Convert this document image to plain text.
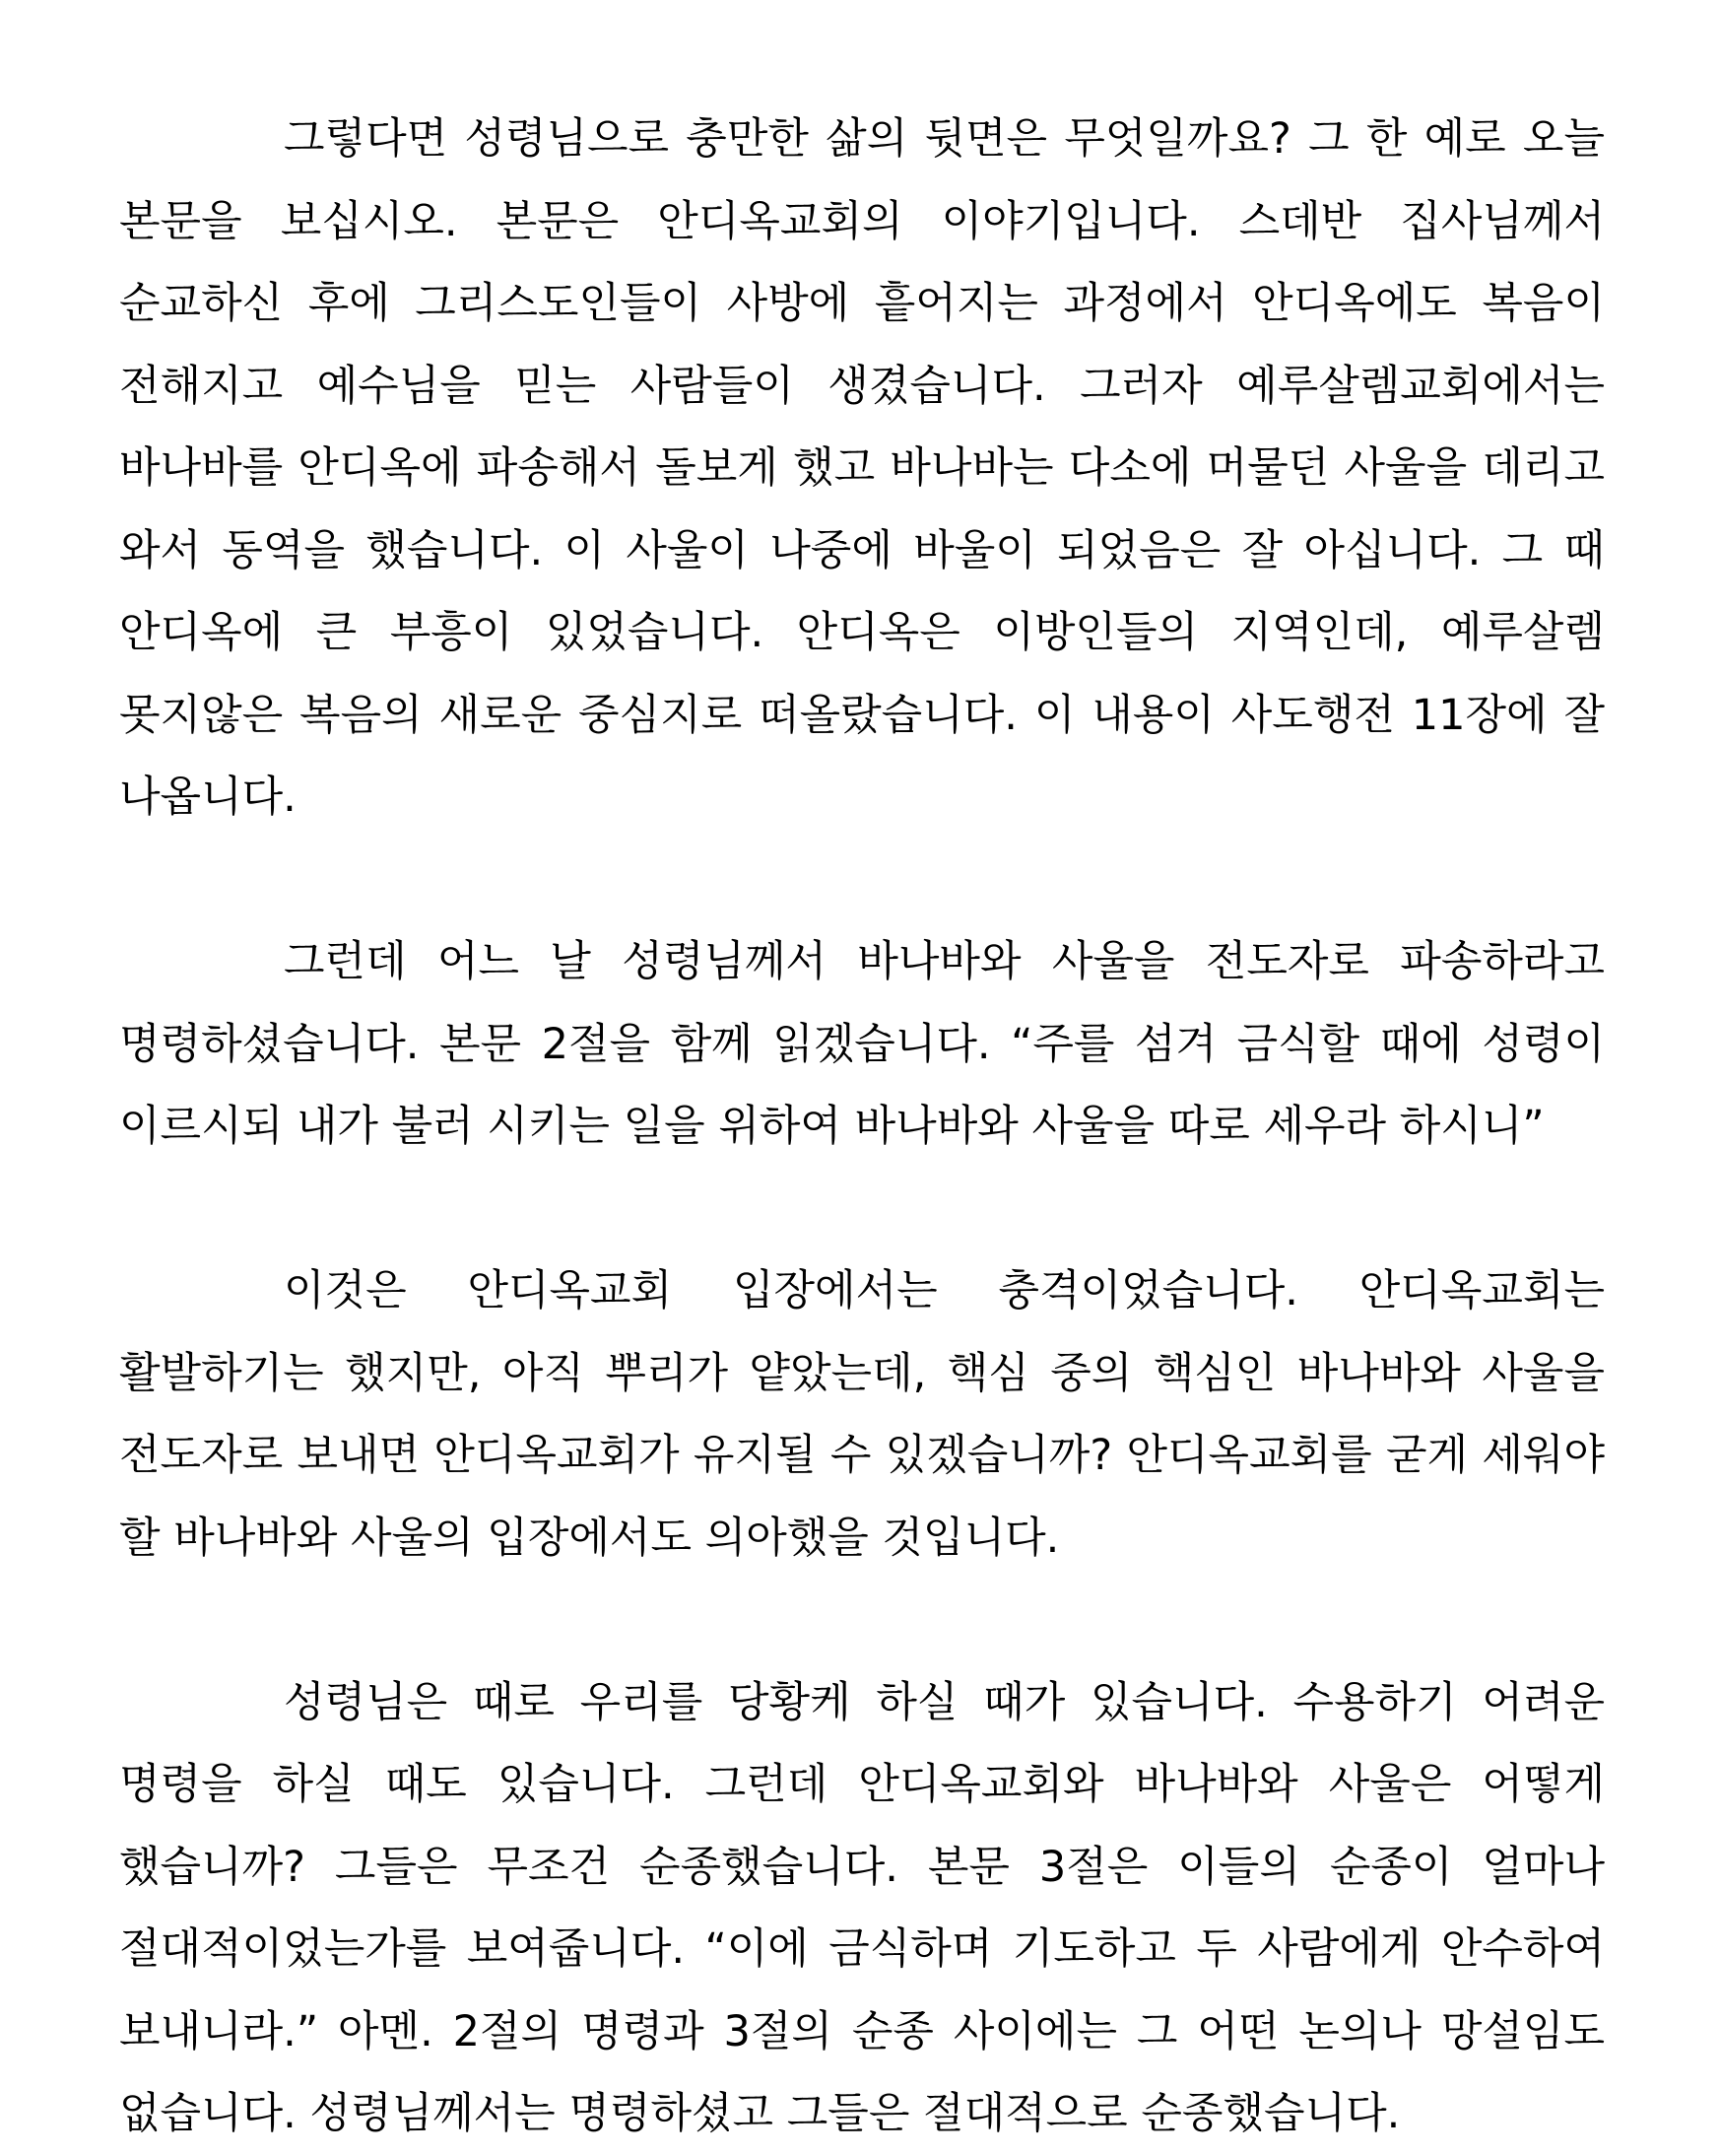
그렇다면 성령님으로 충만한 삶의 뒷면은 무엇일까요? 그 한 예로 오늘 본문을 보십시오. 본문은 안디옥교회의 이야기입니다. 스데반 집사님께서 순교하신 후에 그리스도인들이 사방에 흩어지는 과정에서 안디옥에도 복음이 전해지고 예수님을 믿는 사람들이 생겼습니다. 그러자 예루살렘교회에서는 바나바를 안디옥에 파송해서 돌보게 했고 바나바는 다소에 머물던 사울을 데리고 와서 동역을 했습니다. 이 사울이 나중에 바울이 되었음은 잘 아십니다. 그 때 안디옥에 큰 부흥이 있었습니다. 안디옥은 이방인들의 지역인데, 예루살렘 못지않은 복음의 새로운 중심지로 떠올랐습니다. 이 내용이 사도행전 11장에 잘 나옵니다.

그런데 어느 날 성령님께서 바나바와 사울을 전도자로 파송하라고 명령하셨습니다. 본문 2절을 함께 읽겠습니다. “주를 섬겨 금식할 때에 성령이 이르시되 내가 불러 시키는 일을 위하여 바나바와 사울을 따로 세우라 하시니”

이것은 안디옥교회 입장에서는 충격이었습니다. 안디옥교회는 활발하기는 했지만, 아직 뿌리가 얕았는데, 핵심 중의 핵심인 바나바와 사울을 전도자로 보내면 안디옥교회가 유지될 수 있겠습니까? 안디옥교회를 굳게 세워야 할 바나바와 사울의 입장에서도 의아했을 것입니다.

성령님은 때로 우리를 당황케 하실 때가 있습니다. 수용하기 어려운 명령을 하실 때도 있습니다. 그런데 안디옥교회와 바나바와 사울은 어떻게 했습니까? 그들은 무조건 순종했습니다. 본문 3절은 이들의 순종이 얼마나 절대적이었는가를 보여줍니다. “이에 금식하며 기도하고 두 사람에게 안수하여 보내니라.” 아멘. 2절의 명령과 3절의 순종 사이에는 그 어떤 논의나 망설임도 없습니다. 성령님께서는 명령하셨고 그들은 절대적으로 순종했습니다.
